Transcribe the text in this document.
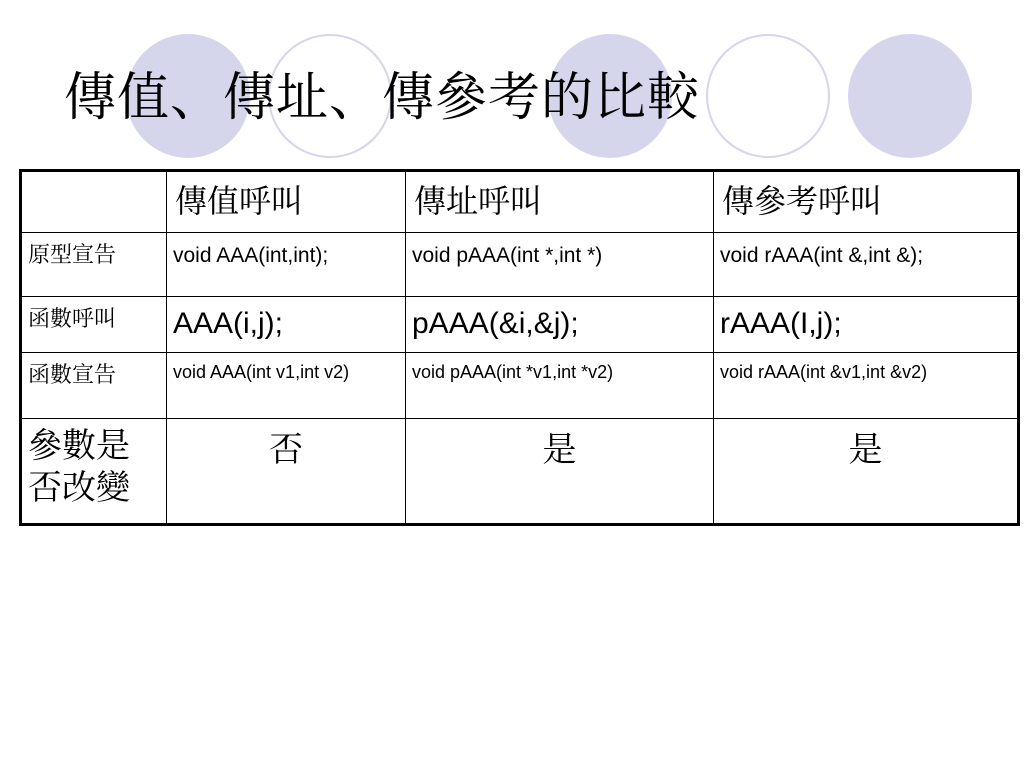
傳值、傳址、傳參考的比較
	傳值呼叫	傳址呼叫	傳參考呼叫
原型宣告	void AAA(int,int);	void pAAA(int *,int *)	void rAAA(int &,int &);
函數呼叫	AAA(i,j);	pAAA(&i,&j);	rAAA(I,j);
函數宣告	void AAA(int v1,int v2)	void pAAA(int *v1,int *v2)	void rAAA(int &v1,int &v2)

參數是
否改變	否	是	是
